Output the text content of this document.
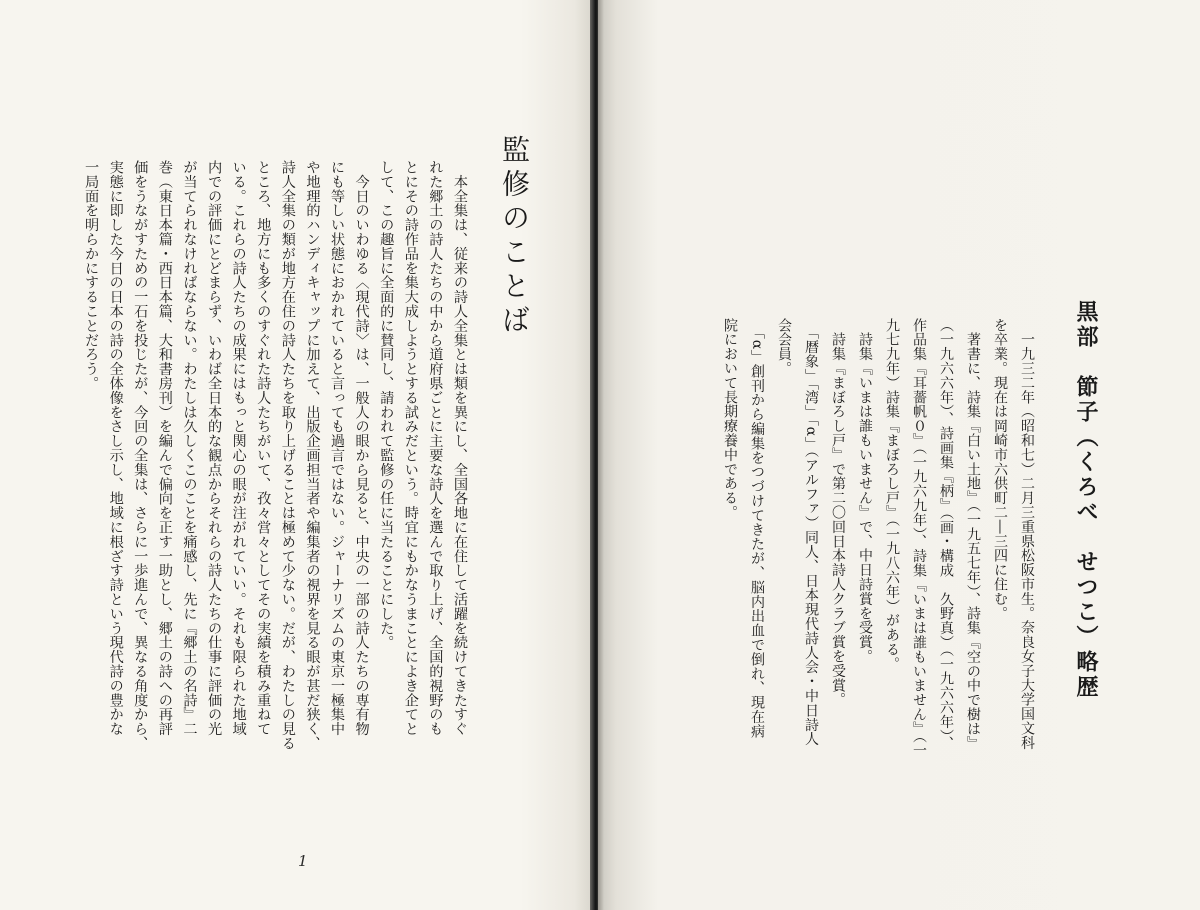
監修のことば

　本全集は、従来の詩人全集とは類を異にし、全国各地に在住して活躍を続けてきたすぐ

れた郷土の詩人たちの中から道府県ごとに主要な詩人を選んで取り上げ、全国的視野のも

とにその詩作品を集大成しようとする試みだという。時宜にもかなうまことによき企てと

して、この趣旨に全面的に賛同し、請われて監修の任に当たることにした。

　今日のいわゆる〈現代詩〉は、一般人の眼から見ると、中央の一部の詩人たちの専有物

にも等しい状態におかれていると言っても過言ではない。ジャーナリズムの東京一極集中

や地理的ハンディキャップに加えて、出版企画担当者や編集者の視界を見る眼が甚だ狭く、

詩人全集の類が地方在住の詩人たちを取り上げることは極めて少ない。だが、わたしの見る

ところ、地方にも多くのすぐれた詩人たちがいて、孜々営々としてその実績を積み重ねて

いる。これらの詩人たちの成果にはもっと関心の眼が注がれていい。それも限られた地域

内での評価にとどまらず、いわば全日本的な観点からそれらの詩人たちの仕事に評価の光

が当てられなければならない。わたしは久しくこのことを痛感し、先に『郷土の名詩』二

巻（東日本篇・西日本篇、大和書房刊）を編んで偏向を正す一助とし、郷土の詩への再評

価をうながすための一石を投じたが、今回の全集は、さらに一歩進んで、異なる角度から、

実態に即した今日の日本の詩の全体像をさし示し、地域に根ざす詩という現代詩の豊かな

一局面を明らかにすることだろう。

1
黒部　節子（くろべ　せつこ）略歴

　一九三二年（昭和七）二月三重県松阪市生。奈良女子大学国文科

を卒業。現在は岡崎市六供町二―三四に住む。

　著書に、詩集『白い土地』（一九五七年）、詩集『空の中で樹は』

（一九六六年）、詩画集『柄』（画・構成　久野真）（一九六六年）、

作品集『耳薔帆０』（一九六九年）、詩集『いまは誰もいません』（一

九七九年）詩集『まぼろし戸』（一九八六年）がある。

　詩集『いまは誰もいません』で、中日詩賞を受賞。

　詩集『まぼろし戸』で第二〇回日本詩人クラブ賞を受賞。

　「暦象」「湾」「α」（アルファ）同人、日本現代詩人会・中日詩人

会会員。

　「α」創刊から編集をつづけてきたが、脳内出血で倒れ、現在病

院において長期療養中である。
